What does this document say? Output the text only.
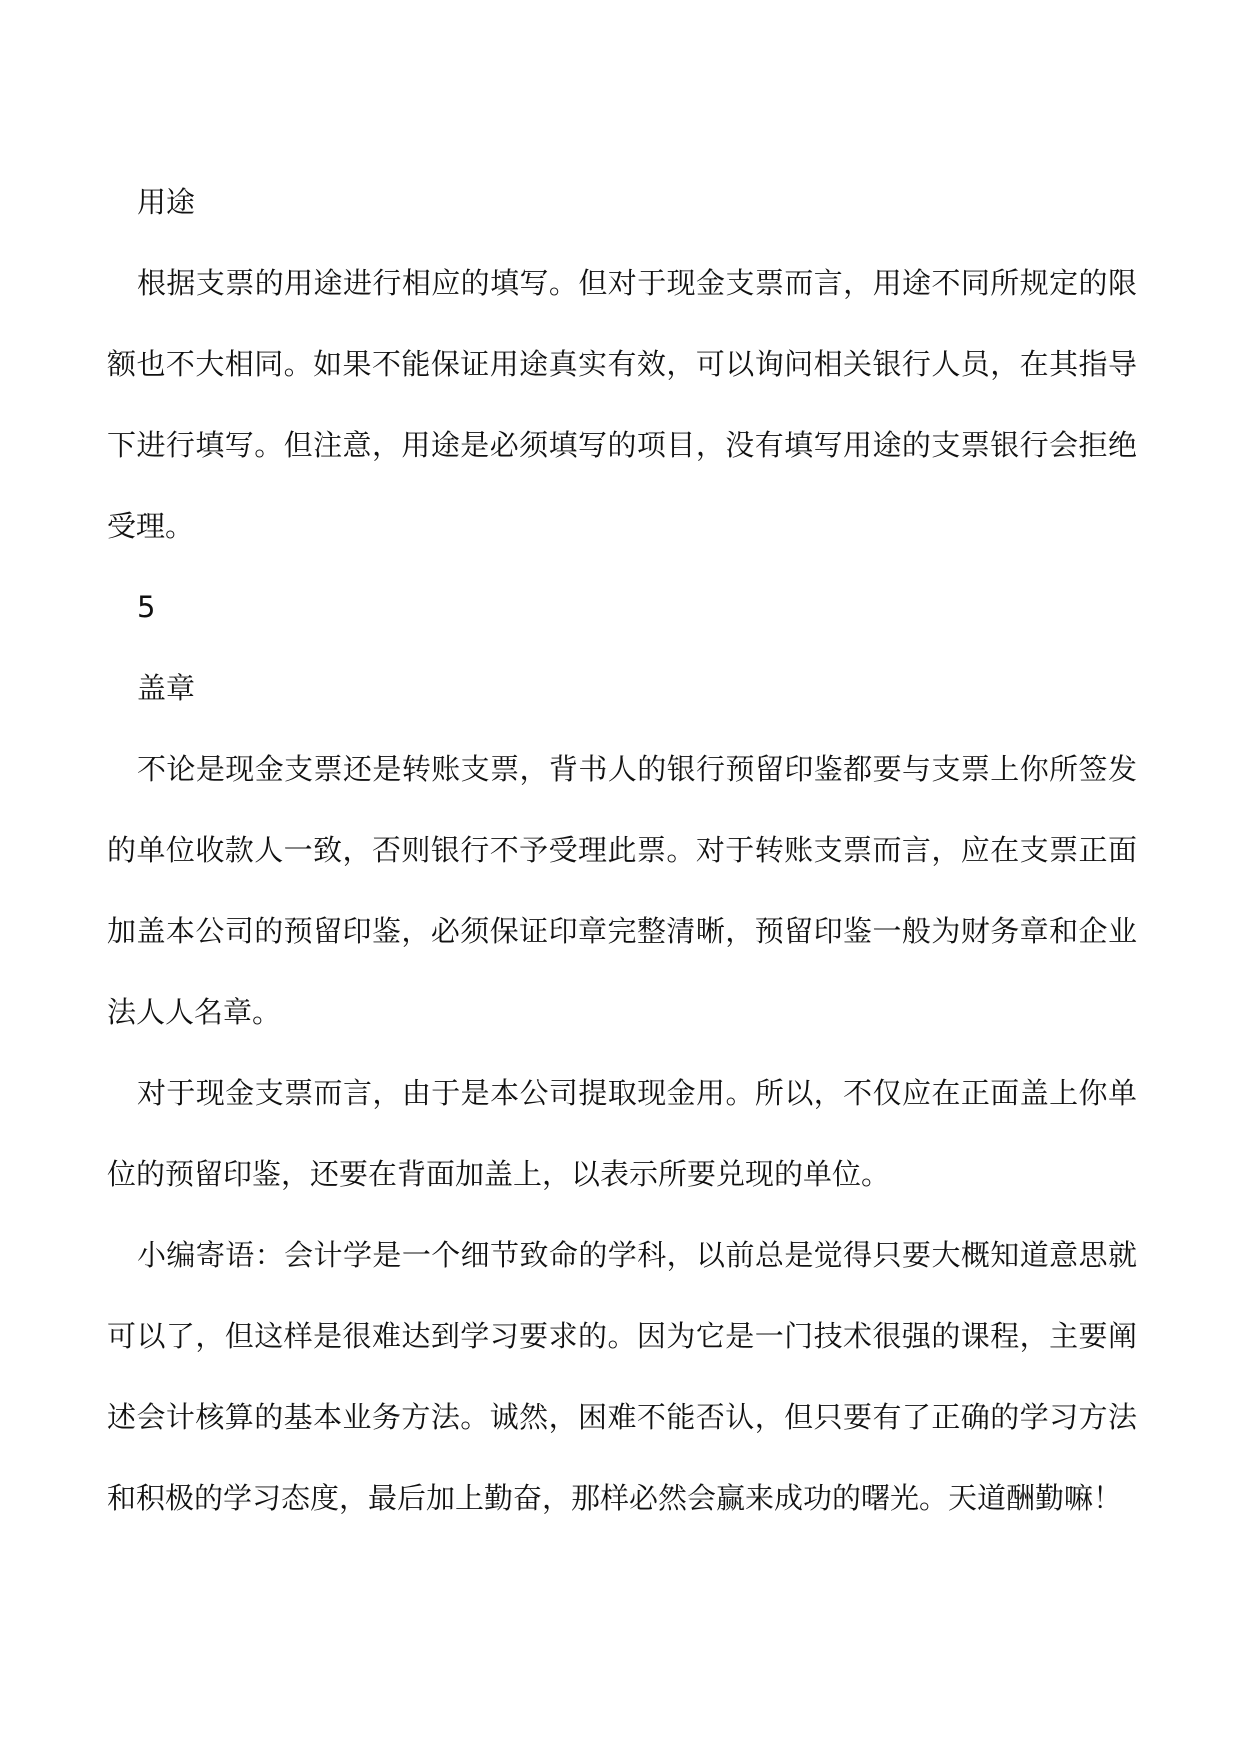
用途

根据支票的用途进行相应的填写。但对于现金支票而言，用途不同所规定的限额也不大相同。如果不能保证用途真实有效，可以询问相关银行人员，在其指导下进行填写。但注意，用途是必须填写的项目，没有填写用途的支票银行会拒绝受理。

5

盖章

不论是现金支票还是转账支票，背书人的银行预留印鉴都要与支票上你所签发的单位收款人一致，否则银行不予受理此票。对于转账支票而言，应在支票正面加盖本公司的预留印鉴，必须保证印章完整清晰，预留印鉴一般为财务章和企业法人人名章。

对于现金支票而言，由于是本公司提取现金用。所以，不仅应在正面盖上你单位的预留印鉴，还要在背面加盖上，以表示所要兑现的单位。

小编寄语：会计学是一个细节致命的学科，以前总是觉得只要大概知道意思就可以了，但这样是很难达到学习要求的。因为它是一门技术很强的课程，主要阐述会计核算的基本业务方法。诚然，困难不能否认，但只要有了正确的学习方法和积极的学习态度，最后加上勤奋，那样必然会赢来成功的曙光。天道酬勤嘛！
